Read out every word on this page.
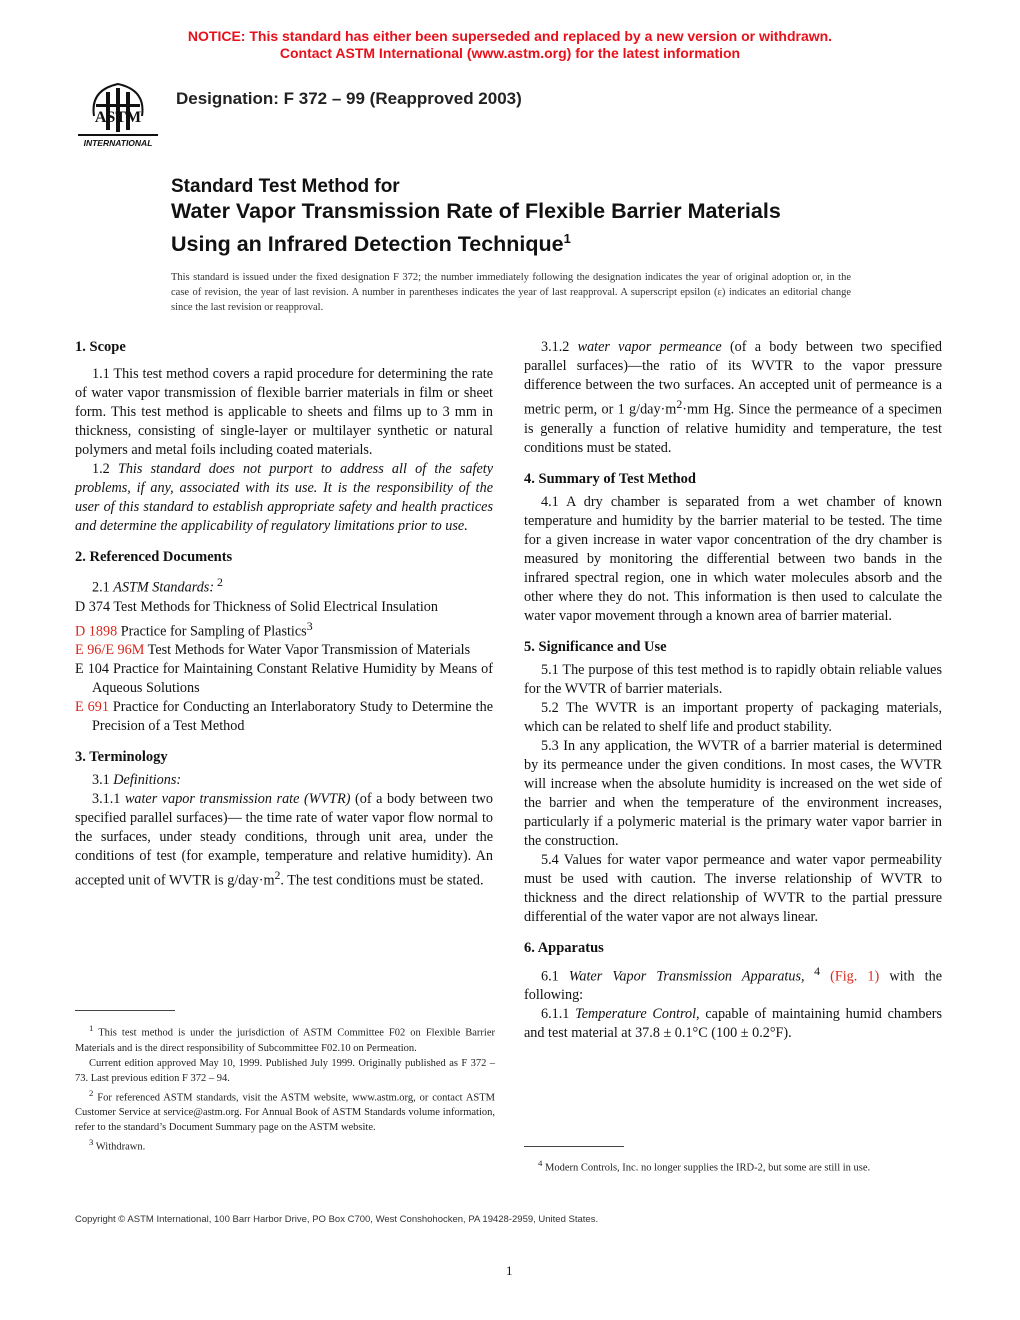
NOTICE: This standard has either been superseded and replaced by a new version or withdrawn.
Contact ASTM International (www.astm.org) for the latest information
ASTM
INTERNATIONAL
Designation: F 372 – 99 (Reapproved 2003)
Standard Test Method for
Water Vapor Transmission Rate of Flexible Barrier Materials
Using an Infrared Detection Technique$^1$
This standard is issued under the fixed designation F 372; the number immediately following the designation indicates the year of original adoption or, in the case of revision, the year of last revision. A number in parentheses indicates the year of last reapproval. A superscript epsilon (ε) indicates an editorial change since the last revision or reapproval.
1. Scope

1.1 This test method covers a rapid procedure for determining the rate of water vapor transmission of flexible barrier materials in film or sheet form. This test method is applicable to sheets and films up to 3 mm in thickness, consisting of single-layer or multilayer synthetic or natural polymers and metal foils including coated materials.

1.2 This standard does not purport to address all of the safety problems, if any, associated with its use. It is the responsibility of the user of this standard to establish appropriate safety and health practices and determine the applicability of regulatory limitations prior to use.

2. Referenced Documents

2.1 ASTM Standards: $^2$

D 374 Test Methods for Thickness of Solid Electrical Insulation

D 1898 Practice for Sampling of Plastics$^3$

E 96/E 96M Test Methods for Water Vapor Transmission of Materials

E 104 Practice for Maintaining Constant Relative Humidity by Means of Aqueous Solutions

E 691 Practice for Conducting an Interlaboratory Study to Determine the Precision of a Test Method

3. Terminology

3.1 Definitions:

3.1.1 water vapor transmission rate (WVTR) (of a body between two specified parallel surfaces)— the time rate of water vapor flow normal to the surfaces, under steady conditions, through unit area, under the conditions of test (for example, temperature and relative humidity). An accepted unit of WVTR is $g/day\cdot m^2$. The test conditions must be stated.

$^1$ This test method is under the jurisdiction of ASTM Committee F02 on Flexible Barrier Materials and is the direct responsibility of Subcommittee F02.10 on Permeation.

Current edition approved May 10, 1999. Published July 1999. Originally published as F 372 – 73. Last previous edition F 372 – 94.

$^2$ For referenced ASTM standards, visit the ASTM website, www.astm.org, or contact ASTM Customer Service at service@astm.org. For Annual Book of ASTM Standards volume information, refer to the standard’s Document Summary page on the ASTM website.

$^3$ Withdrawn.

3.1.2 water vapor permeance (of a body between two specified parallel surfaces)—the ratio of its WVTR to the vapor pressure difference between the two surfaces. An accepted unit of permeance is a metric perm, or 1 $g/day\cdot m^2\cdot mm$ Hg. Since the permeance of a specimen is generally a function of relative humidity and temperature, the test conditions must be stated.

4. Summary of Test Method

4.1 A dry chamber is separated from a wet chamber of known temperature and humidity by the barrier material to be tested. The time for a given increase in water vapor concentration of the dry chamber is measured by monitoring the differential between two bands in the infrared spectral region, one in which water molecules absorb and the other where they do not. This information is then used to calculate the water vapor movement through a known area of barrier material.

5. Significance and Use

5.1 The purpose of this test method is to rapidly obtain reliable values for the WVTR of barrier materials.

5.2 The WVTR is an important property of packaging materials, which can be related to shelf life and product stability.

5.3 In any application, the WVTR of a barrier material is determined by its permeance under the given conditions. In most cases, the WVTR will increase when the absolute humidity is increased on the wet side of the barrier and when the temperature of the environment increases, particularly if a polymeric material is the primary water vapor barrier in the construction.

5.4 Values for water vapor permeance and water vapor permeability must be used with caution. The inverse relationship of WVTR to thickness and the direct relationship of WVTR to the partial pressure differential of the water vapor are not always linear.

6. Apparatus

6.1 Water Vapor Transmission Apparatus, $^4$ (Fig. 1) with the following:

6.1.1 Temperature Control, capable of maintaining humid chambers and test material at 37.8 ± 0.1°C (100 ± 0.2°F).

$^4$ Modern Controls, Inc. no longer supplies the IRD-2, but some are still in use.

Copyright © ASTM International, 100 Barr Harbor Drive, PO Box C700, West Conshohocken, PA 19428-2959, United States.
1
